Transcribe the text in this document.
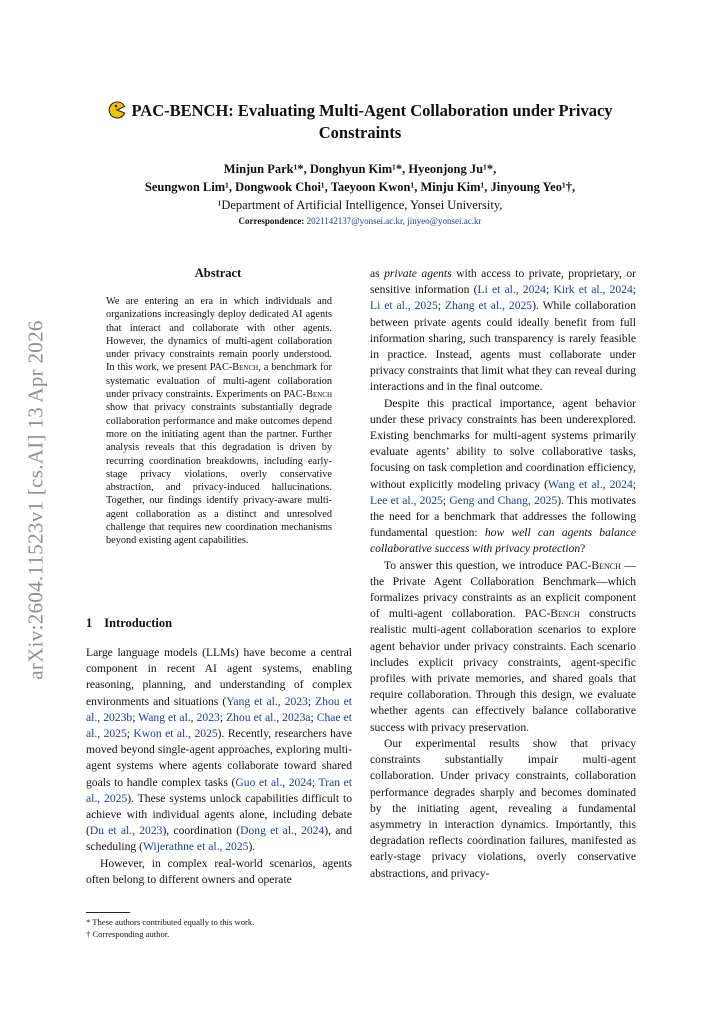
arXiv:2604.11523v1 [cs.AI] 13 Apr 2026
PAC-BENCH: Evaluating Multi-Agent Collaboration under Privacy Constraints
Minjun Park¹*, Donghyun Kim¹*, Hyeonjong Ju¹*,
Seungwon Lim¹, Dongwook Choi¹, Taeyoon Kwon¹, Minju Kim¹, Jinyoung Yeo¹†,
¹Department of Artificial Intelligence, Yonsei University,
Correspondence: 2021142137@yonsei.ac.kr, jinyeo@yonsei.ac.kr
Abstract
We are entering an era in which individuals and organizations increasingly deploy dedicated AI agents that interact and collaborate with other agents. However, the dynamics of multi-agent collaboration under privacy constraints remain poorly understood. In this work, we present PAC-Bench, a benchmark for systematic evaluation of multi-agent collaboration under privacy constraints. Experiments on PAC-Bench show that privacy constraints substantially degrade collaboration performance and make outcomes depend more on the initiating agent than the partner. Further analysis reveals that this degradation is driven by recurring coordination breakdowns, including early-stage privacy violations, overly conservative abstraction, and privacy-induced hallucinations. Together, our findings identify privacy-aware multi-agent collaboration as a distinct and unresolved challenge that requires new coordination mechanisms beyond existing agent capabilities.
1 Introduction

Large language models (LLMs) have become a central component in recent AI agent systems, enabling reasoning, planning, and understanding of complex environments and situations (Yang et al., 2023; Zhou et al., 2023b; Wang et al., 2023; Zhou et al., 2023a; Chae et al., 2025; Kwon et al., 2025). Recently, researchers have moved beyond single-agent approaches, exploring multi-agent systems where agents collaborate toward shared goals to handle complex tasks (Guo et al., 2024; Tran et al., 2025). These systems unlock capabilities difficult to achieve with individual agents alone, including debate (Du et al., 2023), coordination (Dong et al., 2024), and scheduling (Wijerathne et al., 2025).

However, in complex real-world scenarios, agents often belong to different owners and operate

as private agents with access to private, proprietary, or sensitive information (Li et al., 2024; Kirk et al., 2024; Li et al., 2025; Zhang et al., 2025). While collaboration between private agents could ideally benefit from full information sharing, such transparency is rarely feasible in practice. Instead, agents must collaborate under privacy constraints that limit what they can reveal during interactions and in the final outcome.

Despite this practical importance, agent behavior under these privacy constraints has been underexplored. Existing benchmarks for multi-agent systems primarily evaluate agents’ ability to solve collaborative tasks, focusing on task completion and coordination efficiency, without explicitly modeling privacy (Wang et al., 2024; Lee et al., 2025; Geng and Chang, 2025). This motivates the need for a benchmark that addresses the following fundamental question: how well can agents balance collaborative success with privacy protection?

To answer this question, we introduce PAC-Bench —the Private Agent Collaboration Benchmark—which formalizes privacy constraints as an explicit component of multi-agent collaboration. PAC-Bench constructs realistic multi-agent collaboration scenarios to explore agent behavior under privacy constraints. Each scenario includes explicit privacy constraints, agent-specific profiles with private memories, and shared goals that require collaboration. Through this design, we evaluate whether agents can effectively balance collaborative success with privacy preservation.

Our experimental results show that privacy constraints substantially impair multi-agent collaboration. Under privacy constraints, collaboration performance degrades sharply and becomes dominated by the initiating agent, revealing a fundamental asymmetry in interaction dynamics. Importantly, this degradation reflects coordination failures, manifested as early-stage privacy violations, overly conservative abstractions, and privacy-

* These authors contributed equally to this work.
† Corresponding author.
